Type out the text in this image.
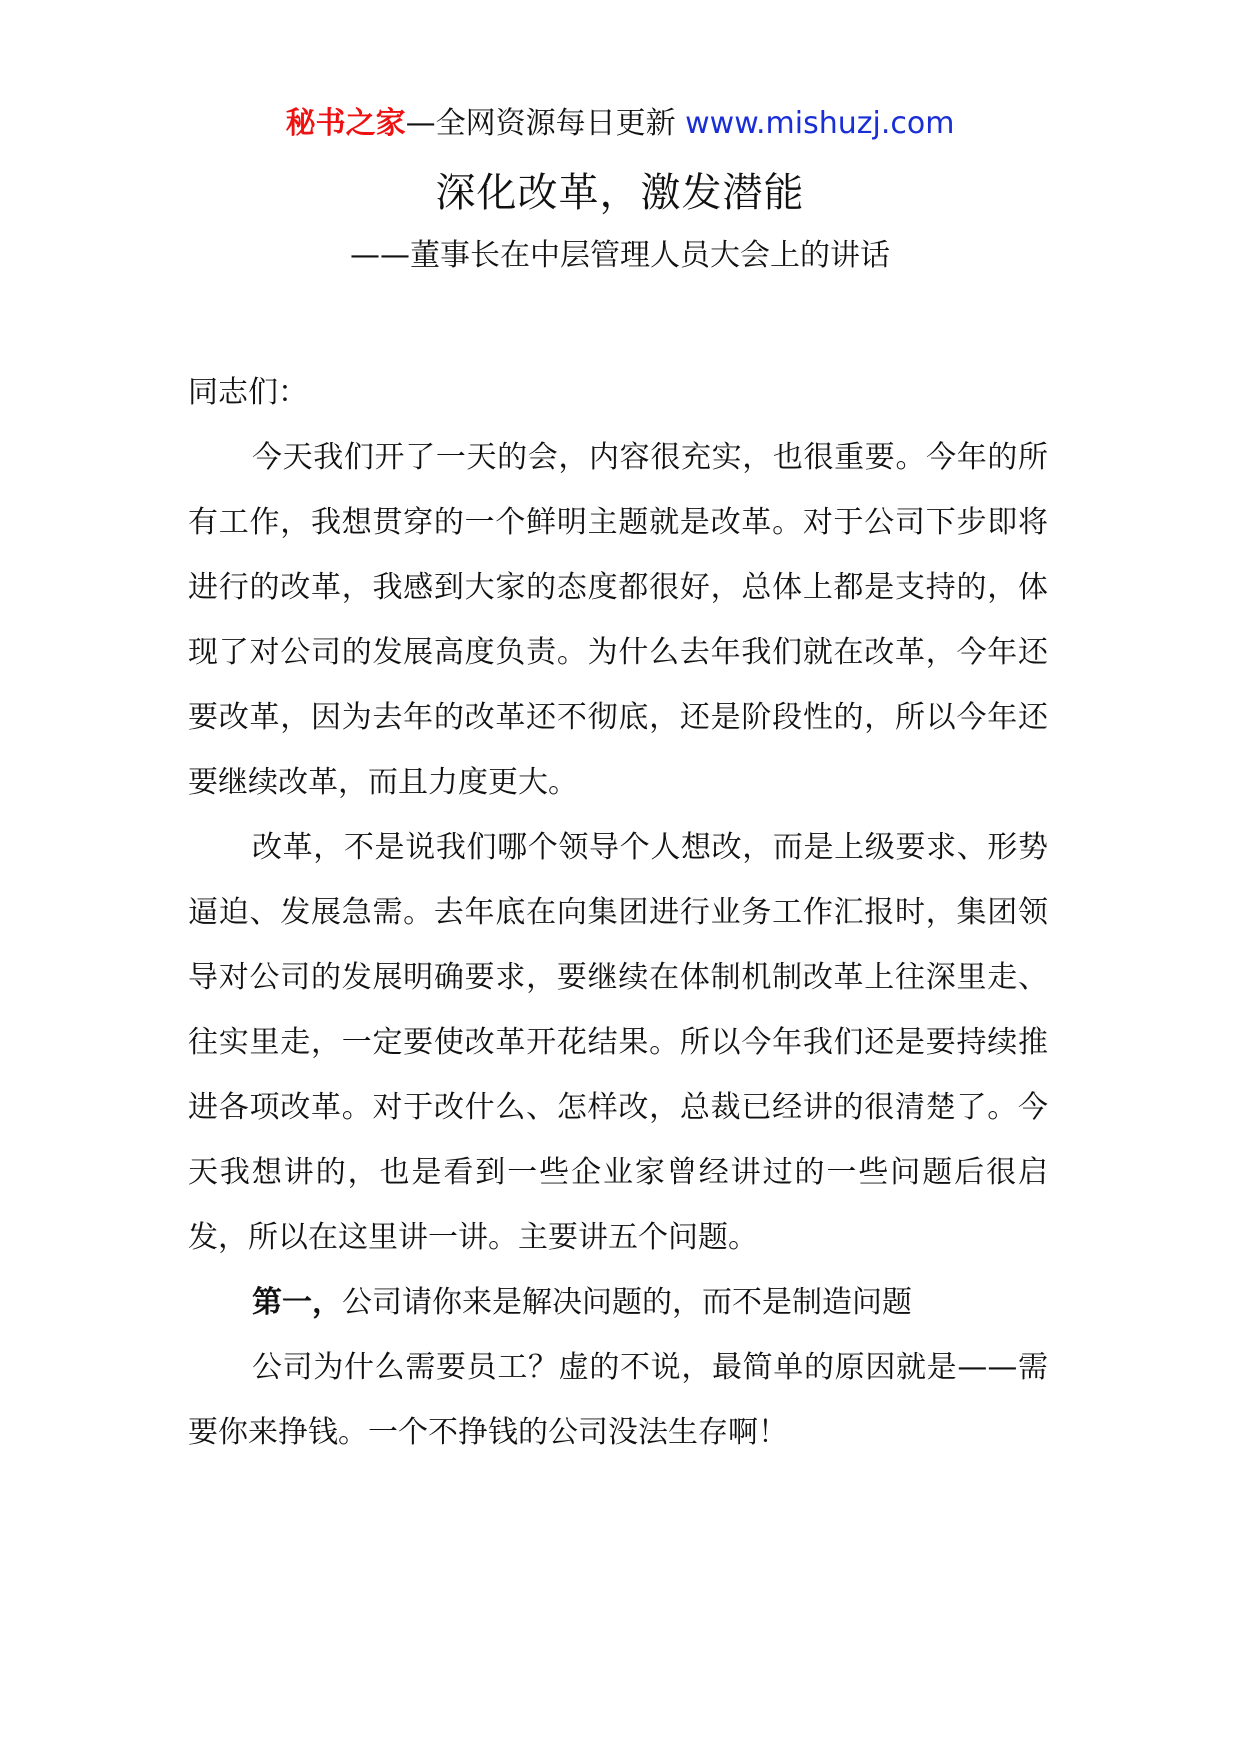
秘书之家—全网资源每日更新 www.mishuzj.com
深化改革，激发潜能
——董事长在中层管理人员大会上的讲话

同志们：

今天我们开了一天的会，内容很充实，也很重要。今年的所有工作，我想贯穿的一个鲜明主题就是改革。对于公司下步即将进行的改革，我感到大家的态度都很好，总体上都是支持的，体现了对公司的发展高度负责。为什么去年我们就在改革，今年还要改革，因为去年的改革还不彻底，还是阶段性的，所以今年还要继续改革，而且力度更大。

改革，不是说我们哪个领导个人想改，而是上级要求、形势逼迫、发展急需。去年底在向集团进行业务工作汇报时，集团领导对公司的发展明确要求，要继续在体制机制改革上往深里走、往实里走，一定要使改革开花结果。所以今年我们还是要持续推进各项改革。对于改什么、怎样改，总裁已经讲的很清楚了。今天我想讲的，也是看到一些企业家曾经讲过的一些问题后很启发，所以在这里讲一讲。主要讲五个问题。

第一，公司请你来是解决问题的，而不是制造问题

公司为什么需要员工？虚的不说，最简单的原因就是——需要你来挣钱。一个不挣钱的公司没法生存啊！
